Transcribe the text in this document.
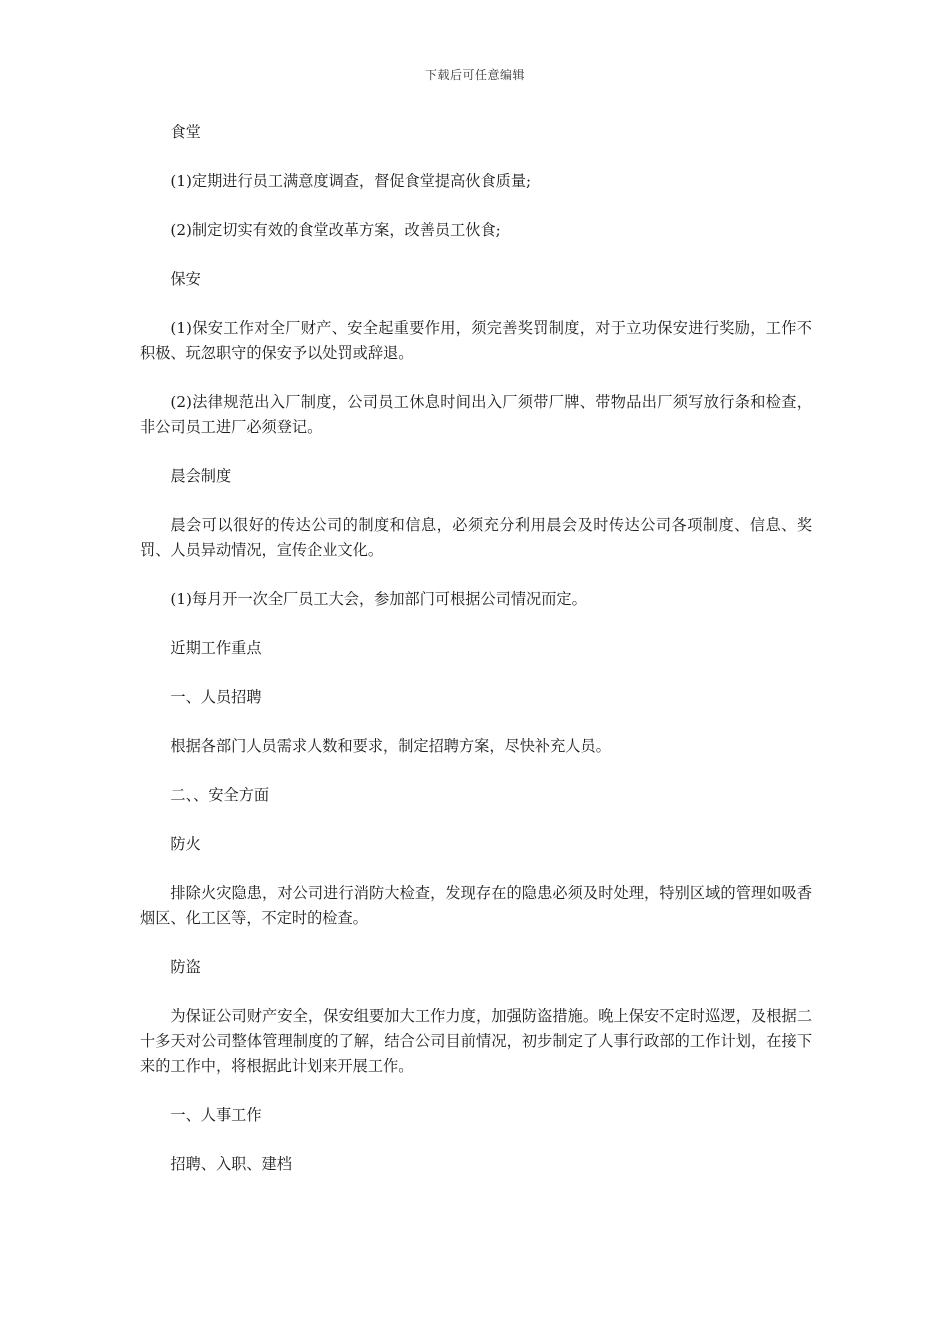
下载后可任意编辑

食堂

(1)定期进行员工满意度调查，督促食堂提高伙食质量;

(2)制定切实有效的食堂改革方案，改善员工伙食;

保安

(1)保安工作对全厂财产、安全起重要作用，须完善奖罚制度，对于立功保安进行奖励，工作不积极、玩忽职守的保安予以处罚或辞退。

(2)法律规范出入厂制度，公司员工休息时间出入厂须带厂牌、带物品出厂须写放行条和检查，非公司员工进厂必须登记。

晨会制度

晨会可以很好的传达公司的制度和信息，必须充分利用晨会及时传达公司各项制度、信息、奖罚、人员异动情况，宣传企业文化。

(1)每月开一次全厂员工大会，参加部门可根据公司情况而定。

近期工作重点

一、人员招聘

根据各部门人员需求人数和要求，制定招聘方案，尽快补充人员。

二、、安全方面

防火

排除火灾隐患，对公司进行消防大检查，发现存在的隐患必须及时处理，特别区域的管理如吸香烟区、化工区等，不定时的检查。

防盗

为保证公司财产安全，保安组要加大工作力度，加强防盗措施。晚上保安不定时巡逻，及根据二十多天对公司整体管理制度的了解，结合公司目前情况，初步制定了人事行政部的工作计划，在接下来的工作中，将根据此计划来开展工作。

一、人事工作

招聘、入职、建档
